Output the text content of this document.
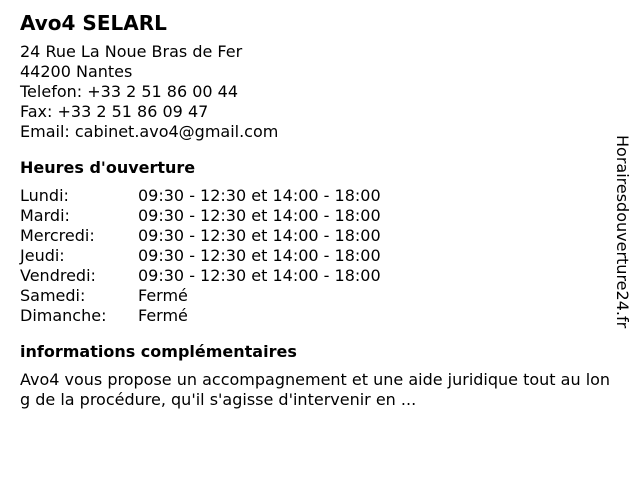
Avo4 SELARL
24 Rue La Noue Bras de Fer
44200 Nantes
Telefon: +33 2 51 86 00 44
Fax: +33 2 51 86 09 47
Email: cabinet.avo4@gmail.com
Heures d'ouverture
Lundi:	09:30 - 12:30 et 14:00 - 18:00
Mardi:	09:30 - 12:30 et 14:00 - 18:00
Mercredi:	09:30 - 12:30 et 14:00 - 18:00
Jeudi:	09:30 - 12:30 et 14:00 - 18:00
Vendredi:	09:30 - 12:30 et 14:00 - 18:00
Samedi:	Fermé
Dimanche:	Fermé
informations complémentaires
Avo4 vous propose un accompagnement et une aide juridique tout au long de la procédure, qu'il s'agisse d'intervenir en ...
Horairesdouverture24.fr
